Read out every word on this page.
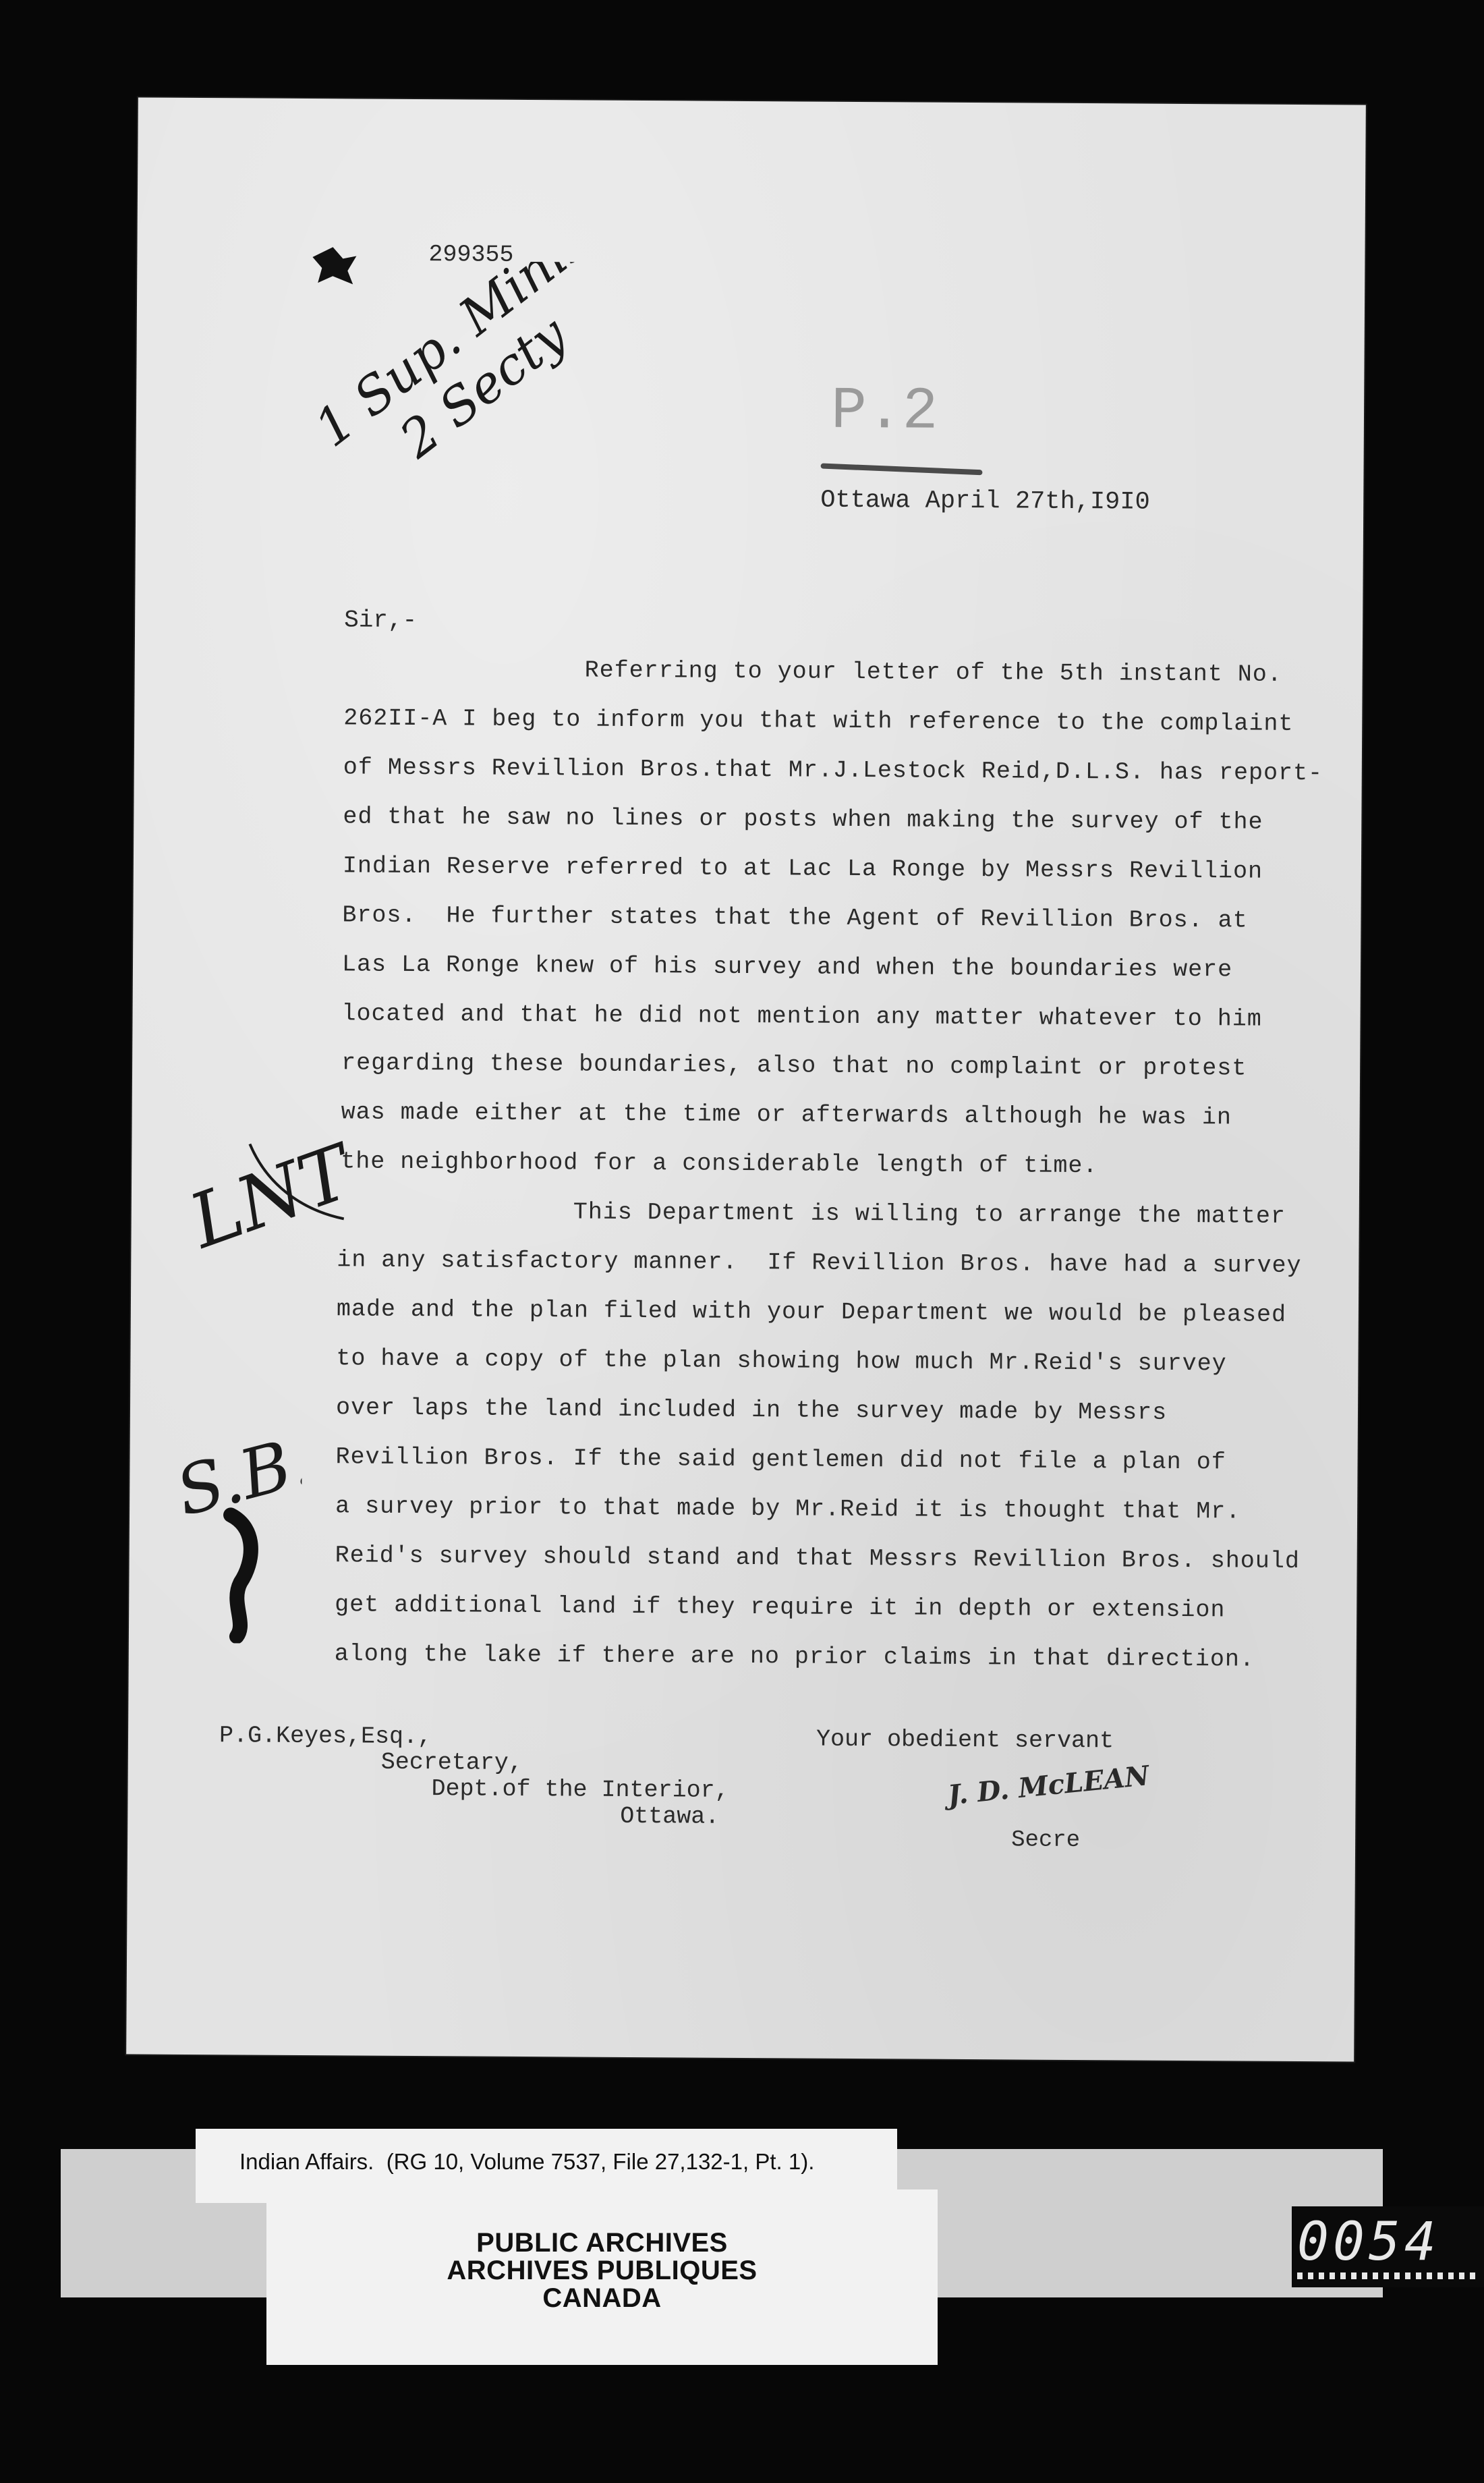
299355
1 Sup.
2 Secty —
P.2
Ottawa April 27th,I9I0
Sir,-
Referring to your letter of the 5th instant No.
262II-A I beg to inform you that with reference to the complaint
of Messrs Revillion Bros.that Mr.J.Lestock Reid,D.L.S. has report-
ed that he saw no lines or posts when making the survey of the
Indian Reserve referred to at Lac La Ronge by Messrs Revillion
Bros.  He further states that the Agent of Revillion Bros. at
Las La Ronge knew of his survey and when the boundaries were
located and that he did not mention any matter whatever to him
regarding these boundaries, also that no complaint or protest
was made either at the time or afterwards although he was in
the neighborhood for a considerable length of time.
This Department is willing to arrange the matter
in any satisfactory manner.  If Revillion Bros. have had a survey
made and the plan filed with your Department we would be pleased
to have a copy of the plan showing how much Mr.Reid's survey
over laps the land included in the survey made by Messrs
Revillion Bros. If the said gentlemen did not file a plan of
a survey prior to that made by Mr.Reid it is thought that Mr.
Reid's survey should stand and that Messrs Revillion Bros. should
get additional land if they require it in depth or extension
along the lake if there are no prior claims in that direction.
LNT
S.B.
P.G.Keyes,Esq.,
Secretary,
Dept.of the Interior,
Ottawa.
Your obedient servant
J. D. McLEAN
Secre
Indian Affairs.  (RG 10, Volume 7537, File 27,132-1, Pt. 1).
PUBLIC ARCHIVES
ARCHIVES PUBLIQUES
CANADA
0054
